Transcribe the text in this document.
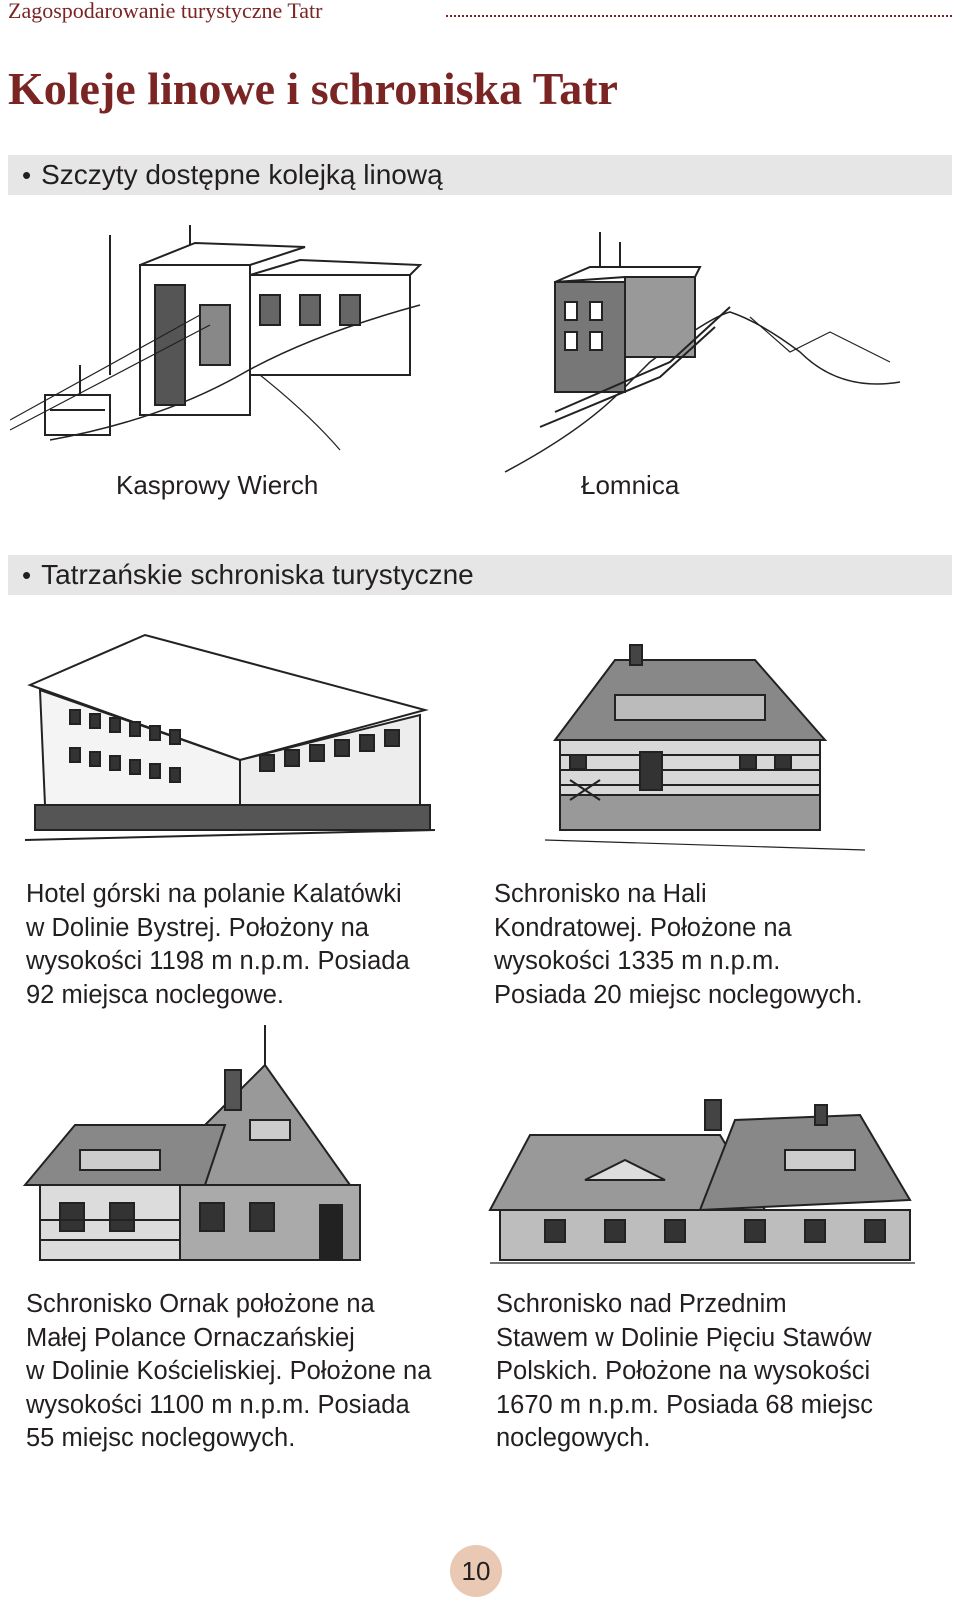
Zagospodarowanie turystyczne Tatr
Koleje linowe i schroniska Tatr
• Szczyty dostępne kolejką linową
Kasprowy Wierch	Łomnica
• Tatrzańskie schroniska turystyczne
Hotel górski na polanie Kalatówki
w Dolinie Bystrej. Położony na
wysokości 1198 m n.p.m. Posiada
92 miejsca noclegowe.
Schronisko na Hali
Kondratowej. Położone na
wysokości 1335 m n.p.m.
Posiada 20 miejsc noclegowych.
Schronisko Ornak położone na
Małej Polance Ornaczańskiej
w Dolinie Kościeliskiej. Położone na
wysokości 1100 m n.p.m. Posiada
55 miejsc noclegowych.
Schronisko nad Przednim
Stawem w Dolinie Pięciu Stawów
Polskich. Położone na wysokości
1670 m n.p.m. Posiada 68 miejsc
noclegowych.
10
